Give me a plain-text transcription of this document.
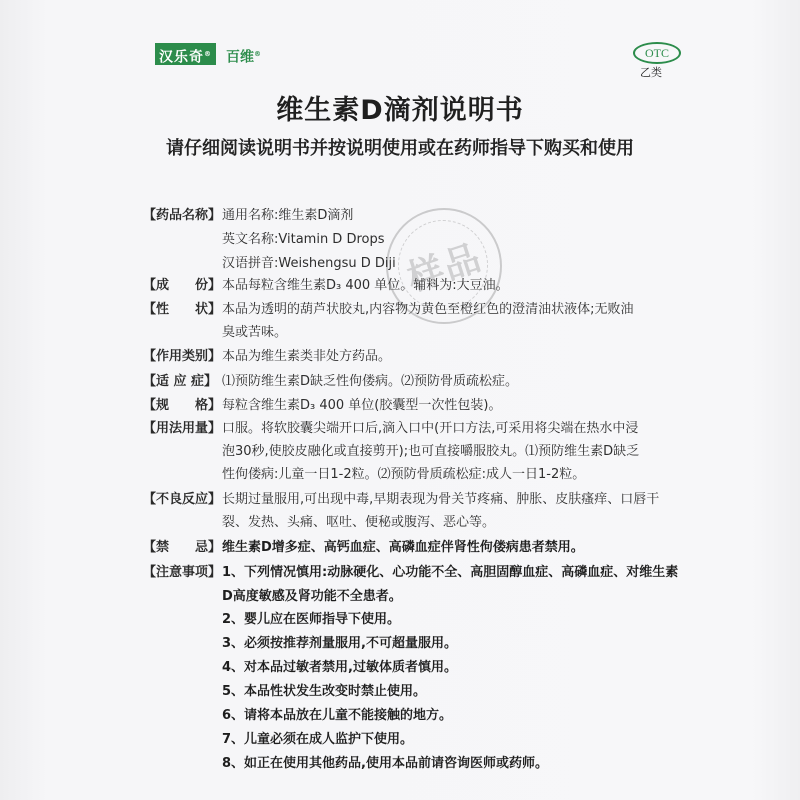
汉乐奇® 百维®	OTC
乙类
维生素D滴剂说明书
请仔细阅读说明书并按说明使用或在药师指导下购买和使用
样品
【药品名称】 通用名称:维生素D滴剂
英文名称:Vitamin D Drops
汉语拼音:Weishengsu D Diji
【成　　份】 本品每粒含维生素D₃ 400 单位。辅料为:大豆油。
【性　　状】 本品为透明的葫芦状胶丸,内容物为黄色至橙红色的澄清油状液体;无败油
臭或苦味。
【作用类别】 本品为维生素类非处方药品。
【适 应 症】 ⑴预防维生素D缺乏性佝偻病。⑵预防骨质疏松症。
【规　　格】 每粒含维生素D₃ 400 单位(胶囊型一次性包装)。
【用法用量】 口服。将软胶囊尖端开口后,滴入口中(开口方法,可采用将尖端在热水中浸
泡30秒,使胶皮融化或直接剪开);也可直接嚼服胶丸。⑴预防维生素D缺乏
性佝偻病:儿童一日1-2粒。⑵预防骨质疏松症:成人一日1-2粒。
【不良反应】 长期过量服用,可出现中毒,早期表现为骨关节疼痛、肿胀、皮肤瘙痒、口唇干
裂、发热、头痛、呕吐、便秘或腹泻、恶心等。
【禁　　忌】 维生素D增多症、高钙血症、高磷血症伴肾性佝偻病患者禁用。
【注意事项】 1、下列情况慎用:动脉硬化、心功能不全、高胆固醇血症、高磷血症、对维生素
D高度敏感及肾功能不全患者。
2、婴儿应在医师指导下使用。
3、必须按推荐剂量服用,不可超量服用。
4、对本品过敏者禁用,过敏体质者慎用。
5、本品性状发生改变时禁止使用。
6、请将本品放在儿童不能接触的地方。
7、儿童必须在成人监护下使用。
8、如正在使用其他药品,使用本品前请咨询医师或药师。
